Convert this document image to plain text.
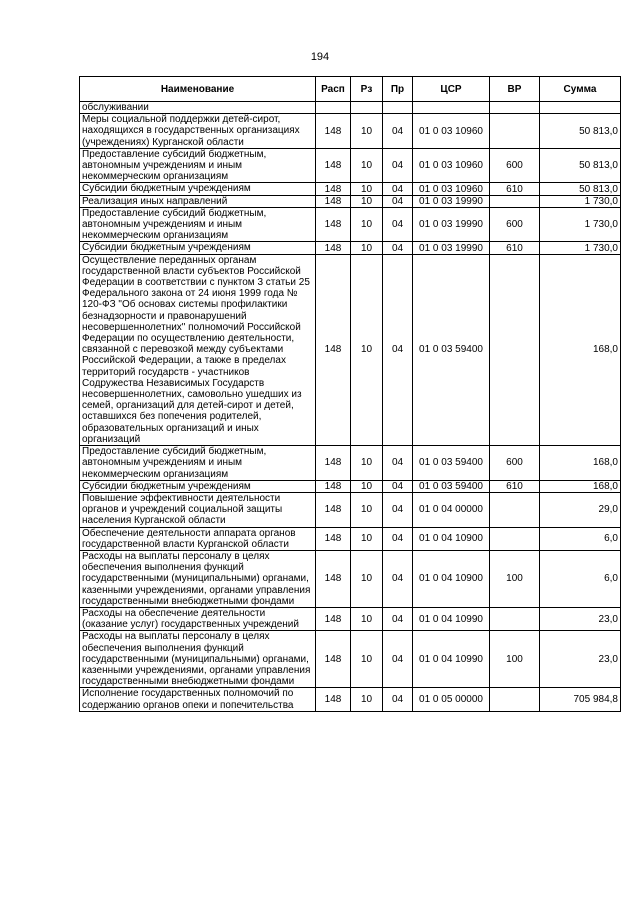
194
Наименование	Расп	Рз	Пр	ЦСР	ВР	Сумма
обслуживании						
Меры социальной поддержки детей-сирот, находящихся в государственных организациях (учреждениях) Курганской области	148	10	04	01 0 03 10960		50 813,0
Предоставление субсидий бюджетным, автономным учреждениям и иным некоммерческим организациям	148	10	04	01 0 03 10960	600	50 813,0
Субсидии бюджетным учреждениям	148	10	04	01 0 03 10960	610	50 813,0
Реализация иных направлений	148	10	04	01 0 03 19990		1 730,0
Предоставление субсидий бюджетным, автономным учреждениям и иным некоммерческим организациям	148	10	04	01 0 03 19990	600	1 730,0
Субсидии бюджетным учреждениям	148	10	04	01 0 03 19990	610	1 730,0
Осуществление переданных органам государственной власти субъектов Российской Федерации в соответствии с пунктом 3 статьи 25 Федерального закона от 24 июня 1999 года № 120-ФЗ "Об основах системы профилактики безнадзорности и правонарушений несовершеннолетних" полномочий Российской Федерации по осуществлению деятельности, связанной с перевозкой между субъектами Российской Федерации, а также в пределах территорий государств - участников Содружества Независимых Государств несовершеннолетних, самовольно ушедших из семей, организаций для детей-сирот и детей, оставшихся без попечения родителей, образовательных организаций и иных организаций	148	10	04	01 0 03 59400		168,0
Предоставление субсидий бюджетным, автономным учреждениям и иным некоммерческим организациям	148	10	04	01 0 03 59400	600	168,0
Субсидии бюджетным учреждениям	148	10	04	01 0 03 59400	610	168,0
Повышение эффективности деятельности органов и учреждений социальной защиты населения Курганской области	148	10	04	01 0 04 00000		29,0
Обеспечение деятельности аппарата органов государственной власти Курганской области	148	10	04	01 0 04 10900		6,0
Расходы на выплаты персоналу в целях обеспечения выполнения функций государственными (муниципальными) органами, казенными учреждениями, органами управления государственными внебюджетными фондами	148	10	04	01 0 04 10900	100	6,0
Расходы на обеспечение деятельности (оказание услуг) государственных учреждений	148	10	04	01 0 04 10990		23,0
Расходы на выплаты персоналу в целях обеспечения выполнения функций государственными (муниципальными) органами, казенными учреждениями, органами управления государственными внебюджетными фондами	148	10	04	01 0 04 10990	100	23,0
Исполнение государственных полномочий по содержанию органов опеки и попечительства	148	10	04	01 0 05 00000		705 984,8
